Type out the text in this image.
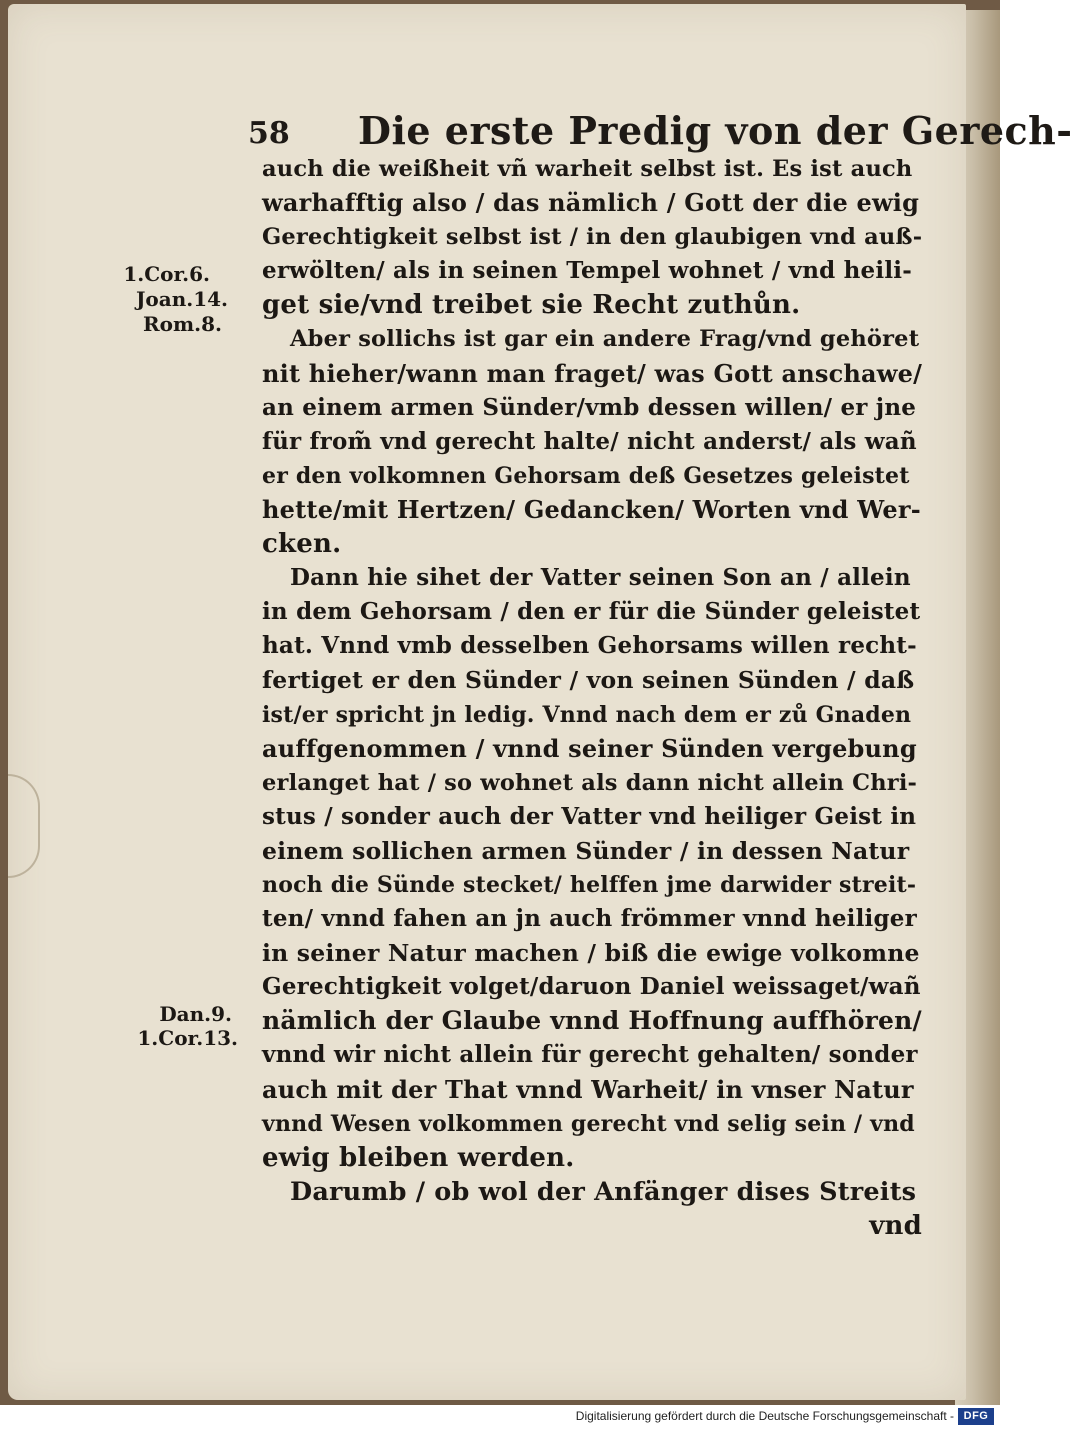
58 Die erste Predig von der Gerech-
1.Cor.6.
Joan.14.
Rom.8.
Dan.9.
1.Cor.13.
auch die weißheit vñ warheit selbst ist. Es ist auch
warhafftig also / das nämlich / Gott der die ewig
Gerechtigkeit selbst ist / in den glaubigen vnd auß-
erwölten/ als in seinen Tempel wohnet / vnd heili-
get sie/vnd treibet sie Recht zuthůn.
Aber sollichs ist gar ein andere Frag/vnd gehöret
nit hieher/wann man fraget/ was Gott anschawe/
an einem armen Sünder/vmb dessen willen/ er jne
für from̃ vnd gerecht halte/ nicht anderst/ als wañ
er den volkomnen Gehorsam deß Gesetzes geleistet
hette/mit Hertzen/ Gedancken/ Worten vnd Wer-
cken.
Dann hie sihet der Vatter seinen Son an / allein
in dem Gehorsam / den er für die Sünder geleistet
hat. Vnnd vmb desselben Gehorsams willen recht-
fertiget er den Sünder / von seinen Sünden / daß
ist/er spricht jn ledig. Vnnd nach dem er zů Gnaden
auffgenommen / vnnd seiner Sünden vergebung
erlanget hat / so wohnet als dann nicht allein Chri-
stus / sonder auch der Vatter vnd heiliger Geist in
einem sollichen armen Sünder / in dessen Natur
noch die Sünde stecket/ helffen jme darwider streit-
ten/ vnnd fahen an jn auch frömmer vnnd heiliger
in seiner Natur machen / biß die ewige volkomne
Gerechtigkeit volget/daruon Daniel weissaget/wañ
nämlich der Glaube vnnd Hoffnung auffhören/
vnnd wir nicht allein für gerecht gehalten/ sonder
auch mit der That vnnd Warheit/ in vnser Natur
vnnd Wesen volkommen gerecht vnd selig sein / vnd
ewig bleiben werden.
Darumb / ob wol der Anfänger dises Streits
vnd
Digitalisierung gefördert durch die Deutsche Forschungsgemeinschaft - DFG
